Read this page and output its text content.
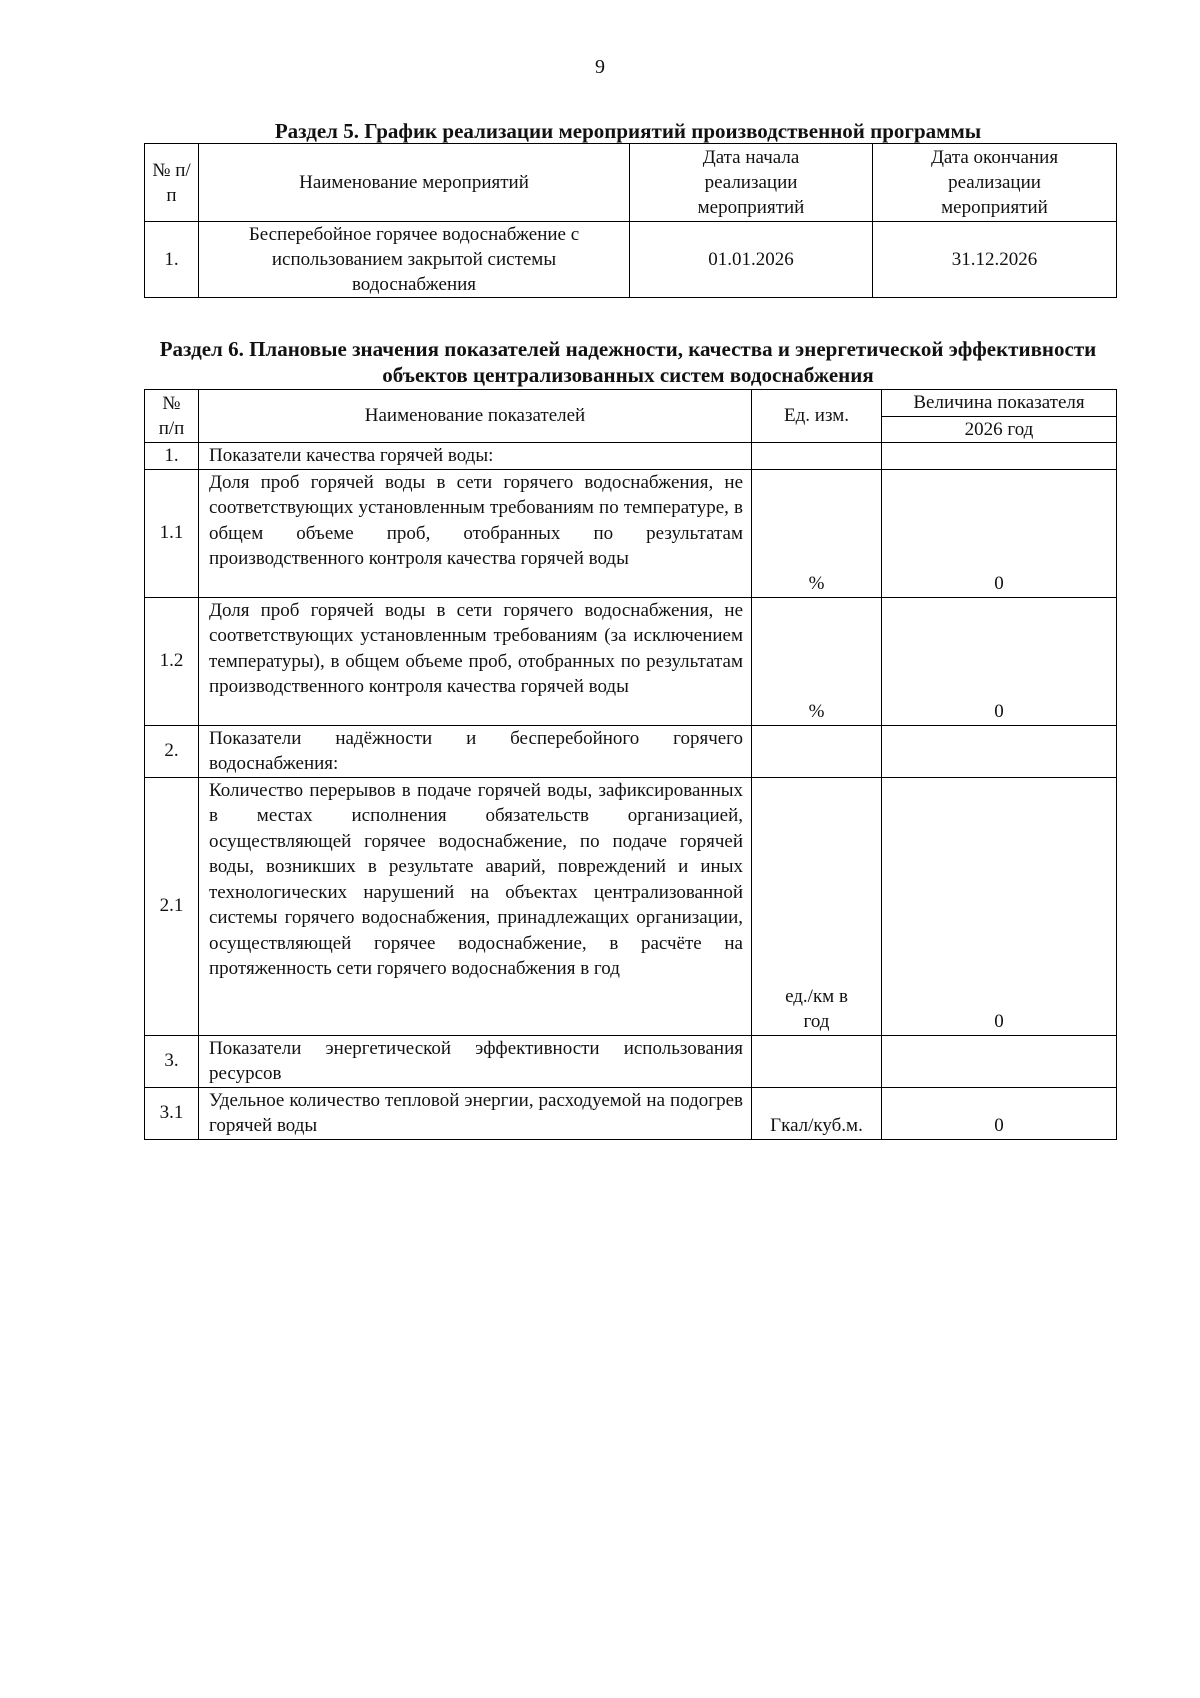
9
Раздел 5. График реализации мероприятий производственной программы
№ п/п	Наименование мероприятий	Дата начала реализации мероприятий	Дата окончания реализации мероприятий
1.	Бесперебойное горячее водоснабжение с использованием закрытой системы водоснабжения	01.01.2026	31.12.2026
Раздел 6. Плановые значения показателей надежности, качества и энергетической эффективности объектов централизованных систем водоснабжения
№ п/п	Наименование показателей	Ед. изм.	Величина показателя
			2026 год
1.	Показатели качества горячей воды:		
1.1	Доля проб горячей воды в сети горячего водоснабжения, не соответствующих установленным требованиям по температуре, в общем объеме проб, отобранных по результатам производственного контроля качества горячей воды	%	0
1.2	Доля проб горячей воды в сети горячего водоснабжения, не соответствующих установленным требованиям (за исключением температуры), в общем объеме проб, отобранных по результатам производственного контроля качества горячей воды	%	0
2.	Показатели надёжности и бесперебойного горячего водоснабжения:		
2.1	Количество перерывов в подаче горячей воды, зафиксированных в местах исполнения обязательств организацией, осуществляющей горячее водоснабжение, по подаче горячей воды, возникших в результате аварий, повреждений и иных технологических нарушений на объектах централизованной системы горячего водоснабжения, принадлежащих организации, осуществляющей горячее водоснабжение, в расчёте на протяженность сети горячего водоснабжения в год	ед./км в год	0
3.	Показатели энергетической эффективности использования ресурсов		
3.1	Удельное количество тепловой энергии, расходуемой на подогрев горячей воды	Гкал/куб.м.	0
